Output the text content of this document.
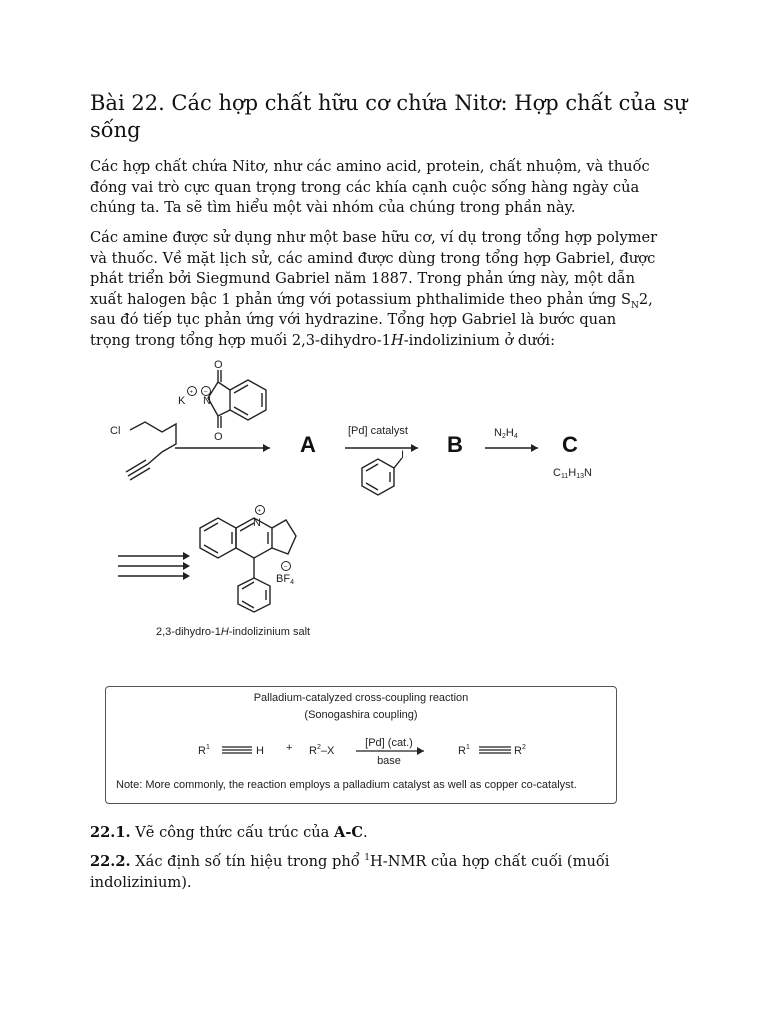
Bài 22. Các hợp chất hữu cơ chứa Nitơ: Hợp chất của sự sống
Các hợp chất chứa Nitơ, như các amino acid, protein, chất nhuộm, và thuốc
đóng vai trò cực quan trọng trong các khía cạnh cuộc sống hàng ngày của
chúng ta. Ta sẽ tìm hiểu một vài nhóm của chúng trong phần này.
Các amine được sử dụng như một base hữu cơ, ví dụ trong tổng hợp polymer
và thuốc. Về mặt lịch sử, các amind được dùng trong tổng hợp Gabriel, được
phát triển bởi Siegmund Gabriel năm 1887. Trong phản ứng này, một dẫn
xuất halogen bậc 1 phản ứng với potassium phthalimide theo phản ứng $S_N2$,
sau đó tiếp tục phản ứng với hydrazine. Tổng hợp Gabriel là bước quan
trọng trong tổng hợp muối 2,3-dihydro-1H-indolizinium ở dưới:
+ –
+
–
Cl
K N
O
O	[Pd] catalyst
I
N2H4
C11H13N
N
BF4
2,3-dihydro-1H-indolizinium salt
A	B	C
Palladium-catalyzed cross-coupling reaction
(Sonogashira coupling)
$R^1$	$H + R^2-X$
[Pd] (cat.)
base
$R^1$	$R^2$
Note: More commonly, the reaction employs a palladium catalyst as well as copper co-catalyst.
22.1. Vẽ công thức cấu trúc của A-C.
22.2. Xác định số tín hiệu trong phổ $^1$H-NMR của hợp chất cuối (muối
indolizinium).
